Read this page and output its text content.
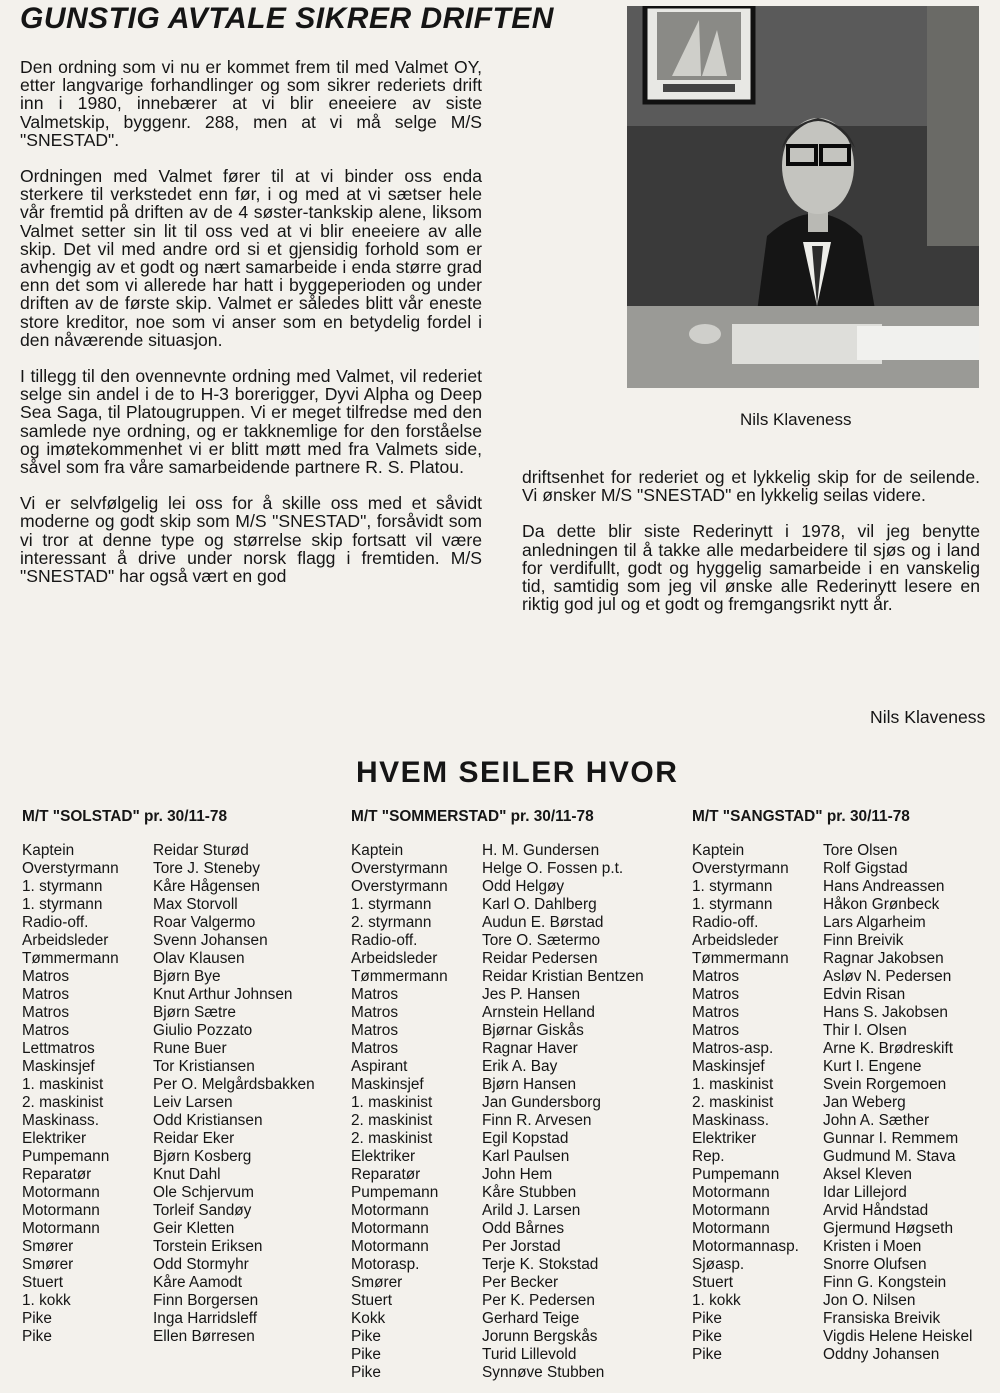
GUNSTIG AVTALE SIKRER DRIFTEN

Den ordning som vi nu er kommet frem til med Valmet OY, etter langvarige forhandlinger og som sikrer rederiets drift inn i 1980, innebærer at vi blir eneeiere av siste Valmetskip, byggenr. 288, men at vi må selge M/S "SNESTAD".

Ordningen med Valmet fører til at vi binder oss enda sterkere til verkstedet enn før, i og med at vi sætser hele vår fremtid på driften av de 4 søster-tankskip alene, liksom Valmet setter sin lit til oss ved at vi blir eneeiere av alle skip. Det vil med andre ord si et gjensidig forhold som er avhengig av et godt og nært samarbeide i enda større grad enn det som vi allerede har hatt i byggeperioden og under driften av de første skip. Valmet er således blitt vår eneste store kreditor, noe som vi anser som en betydelig fordel i den nåværende situasjon.

I tillegg til den ovennevnte ordning med Valmet, vil rederiet selge sin andel i de to H-3 borerigger, Dyvi Alpha og Deep Sea Saga, til Platougruppen. Vi er meget tilfredse med den samlede nye ordning, og er takknemlige for den forståelse og imøtekommenhet vi er blitt møtt med fra Valmets side, såvel som fra våre samarbeidende partnere R. S. Platou.

Vi er selvfølgelig lei oss for å skille oss med et såvidt moderne og godt skip som M/S "SNESTAD", forsåvidt som vi tror at denne type og størrelse skip fortsatt vil være interessant å drive under norsk flagg i fremtiden. M/S "SNESTAD" har også vært en god

Nils Klaveness

driftsenhet for rederiet og et lykkelig skip for de seilende. Vi ønsker M/S "SNESTAD" en lykkelig seilas videre.

Da dette blir siste Rederinytt i 1978, vil jeg benytte anledningen til å takke alle medarbeidere til sjøs og i land for verdifullt, godt og hyggelig samarbeide i en vanskelig tid, samtidig som jeg vil ønske alle Rederinytt lesere en riktig god jul og et godt og fremgangsrikt nytt år.

Nils Klaveness
HVEM SEILER HVOR
M/T "SOLSTAD" pr. 30/11-78
Kaptein	Reidar Sturød
Overstyrmann	Tore J. Steneby
1. styrmann	Kåre Hågensen
1. styrmann	Max Storvoll
Radio-off.	Roar Valgermo
Arbeidsleder	Svenn Johansen
Tømmermann	Olav Klausen
Matros	Bjørn Bye
Matros	Knut Arthur Johnsen
Matros	Bjørn Sætre
Matros	Giulio Pozzato
Lettmatros	Rune Buer
Maskinsjef	Tor Kristiansen
1. maskinist	Per O. Melgårdsbakken
2. maskinist	Leiv Larsen
Maskinass.	Odd Kristiansen
Elektriker	Reidar Eker
Pumpemann	Bjørn Kosberg
Reparatør	Knut Dahl
Motormann	Ole Schjervum
Motormann	Torleif Sandøy
Motormann	Geir Kletten
Smører	Torstein Eriksen
Smører	Odd Stormyhr
Stuert	Kåre Aamodt
1. kokk	Finn Borgersen
Pike	Inga Harridsleff
Pike	Ellen Børresen
M/T "SOMMERSTAD" pr. 30/11-78
Kaptein	H. M. Gundersen
Overstyrmann	Helge O. Fossen p.t.
Overstyrmann	Odd Helgøy
1. styrmann	Karl O. Dahlberg
2. styrmann	Audun E. Børstad
Radio-off.	Tore O. Sætermo
Arbeidsleder	Reidar Pedersen
Tømmermann	Reidar Kristian Bentzen
Matros	Jes P. Hansen
Matros	Arnstein Helland
Matros	Bjørnar Giskås
Matros	Ragnar Haver
Aspirant	Erik A. Bay
Maskinsjef	Bjørn Hansen
1. maskinist	Jan Gundersborg
2. maskinist	Finn R. Arvesen
2. maskinist	Egil Kopstad
Elektriker	Karl Paulsen
Reparatør	John Hem
Pumpemann	Kåre Stubben
Motormann	Arild J. Larsen
Motormann	Odd Bårnes
Motormann	Per Jorstad
Motorasp.	Terje K. Stokstad
Smører	Per Becker
Stuert	Per K. Pedersen
Kokk	Gerhard Teige
Pike	Jorunn Bergskås
Pike	Turid Lillevold
Pike	Synnøve Stubben
M/T "SANGSTAD" pr. 30/11-78
Kaptein	Tore Olsen
Overstyrmann	Rolf Gigstad
1. styrmann	Hans Andreassen
1. styrmann	Håkon Grønbeck
Radio-off.	Lars Algarheim
Arbeidsleder	Finn Breivik
Tømmermann	Ragnar Jakobsen
Matros	Asløv N. Pedersen
Matros	Edvin Risan
Matros	Hans S. Jakobsen
Matros	Thir I. Olsen
Matros-asp.	Arne K. Brødreskift
Maskinsjef	Kurt I. Engene
1. maskinist	Svein Rorgemoen
2. maskinist	Jan Weberg
Maskinass.	John A. Sæther
Elektriker	Gunnar I. Remmem
Rep.	Gudmund M. Stava
Pumpemann	Aksel Kleven
Motormann	Idar Lillejord
Motormann	Arvid Håndstad
Motormann	Gjermund Høgseth
Motormannasp.	Kristen i Moen
Sjøasp.	Snorre Olufsen
Stuert	Finn G. Kongstein
1. kokk	Jon O. Nilsen
Pike	Fransiska Breivik
Pike	Vigdis Helene Heiskel
Pike	Oddny Johansen
